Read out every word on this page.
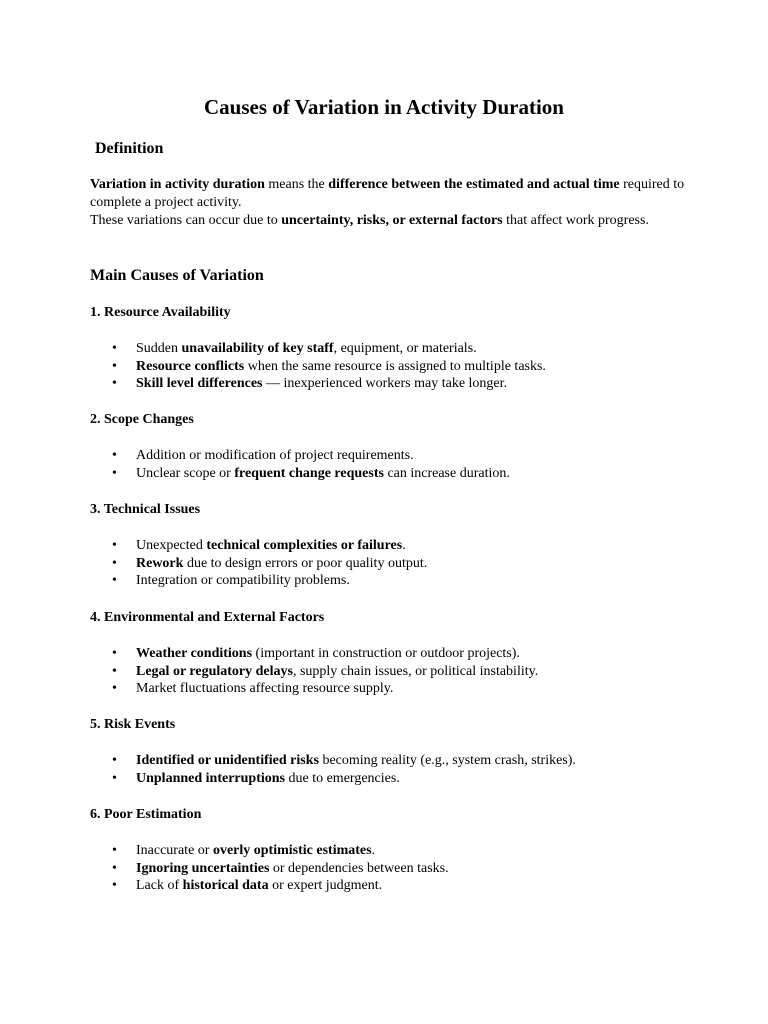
Causes of Variation in Activity Duration
Definition

Variation in activity duration means the difference between the estimated and actual time required to complete a project activity.

These variations can occur due to uncertainty, risks, or external factors that affect work progress.

Main Causes of Variation
1. Resource Availability
• Sudden unavailability of key staff, equipment, or materials.
• Resource conflicts when the same resource is assigned to multiple tasks.
• Skill level differences — inexperienced workers may take longer.
2. Scope Changes
• Addition or modification of project requirements.
• Unclear scope or frequent change requests can increase duration.
3. Technical Issues
• Unexpected technical complexities or failures.
• Rework due to design errors or poor quality output.
• Integration or compatibility problems.
4. Environmental and External Factors
• Weather conditions (important in construction or outdoor projects).
• Legal or regulatory delays, supply chain issues, or political instability.
• Market fluctuations affecting resource supply.
5. Risk Events
• Identified or unidentified risks becoming reality (e.g., system crash, strikes).
• Unplanned interruptions due to emergencies.
6. Poor Estimation
• Inaccurate or overly optimistic estimates.
• Ignoring uncertainties or dependencies between tasks.
• Lack of historical data or expert judgment.
